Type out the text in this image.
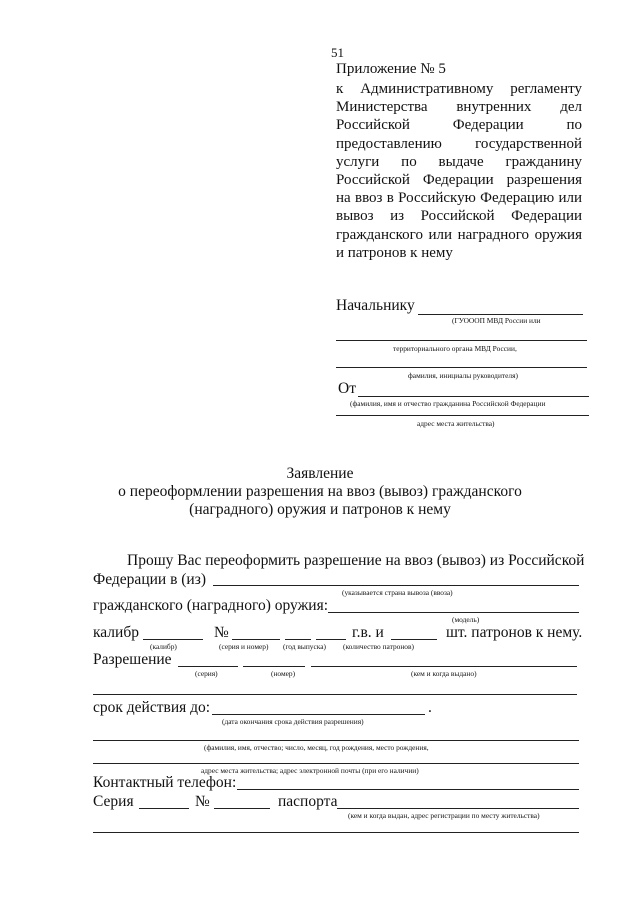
51
Приложение № 5
к Административному регламенту
Министерства внутренних дел
Российской	Федерации	по
предоставлению государственной
услуги по выдаче гражданину
Российской Федерации разрешения
на ввоз в Российскую Федерацию или
вывоз из Российской Федерации
гражданского или наградного оружия
и патронов к нему
Начальнику
(ГУОООП МВД России или
территориального органа МВД России,
фамилия, инициалы руководителя)
От
(фамилия, имя и отчество гражданина Российской Федерации
адрес места жительства)
Заявление
о переоформлении разрешения на ввоз (вывоз) гражданского
(наградного) оружия и патронов к нему
Прошу Вас переоформить разрешение на ввоз (вывоз) из Российской
Федерации в (из)
(указывается страна вывоза (ввоза)
гражданского (наградного) оружия:
(модель)
калибр	№	г.в. и	шт. патронов к нему.
(калибр)	(серия и номер) (год выпуска) (количество патронов)
Разрешение
(серия)	(номер)	(кем и когда выдано)
срок действия до:	.
(дата окончания срока действия разрешения)
(фамилия, имя, отчество; число, месяц, год рождения, место рождения,
адрес места жительства; адрес электронной почты (при его наличии)
Контактный телефон:
Серия	№	паспорта
(кем и когда выдан, адрес регистрации по месту жительства)
